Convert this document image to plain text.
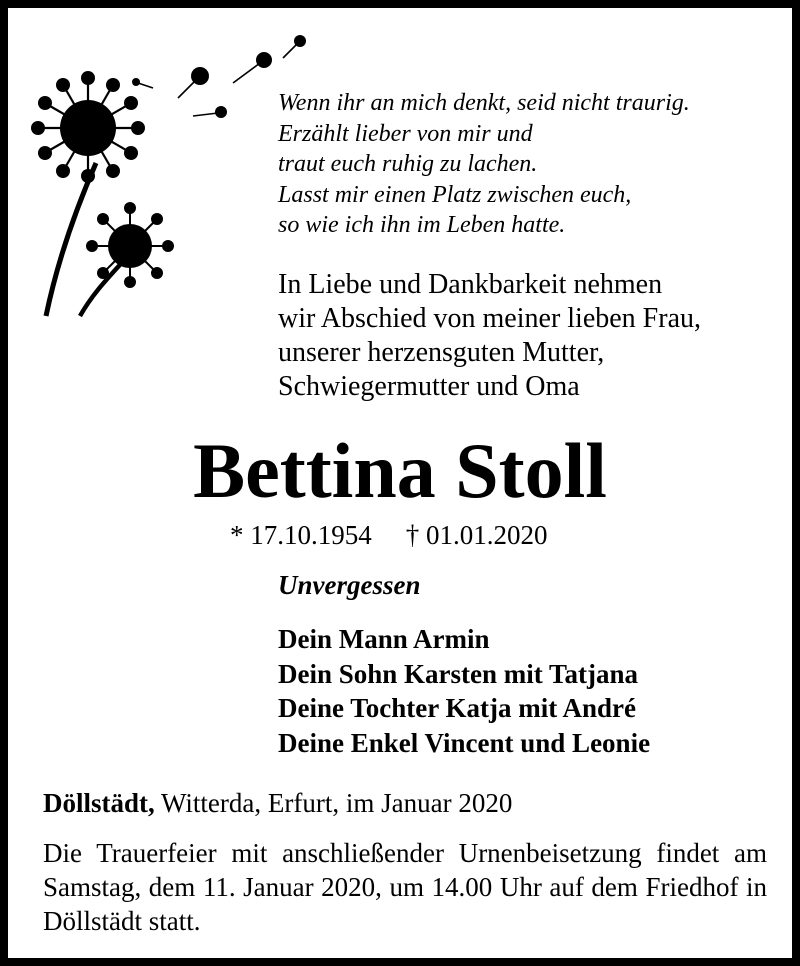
Wenn ihr an mich denkt, seid nicht traurig.
Erzählt lieber von mir und
traut euch ruhig zu lachen.
Lasst mir einen Platz zwischen euch,
so wie ich ihn im Leben hatte.
In Liebe und Dankbarkeit nehmen
wir Abschied von meiner lieben Frau,
unserer herzensguten Mutter,
Schwiegermutter und Oma
Bettina Stoll
* 17.10.1954 † 01.01.2020
Unvergessen
Dein Mann Armin
Dein Sohn Karsten mit Tatjana
Deine Tochter Katja mit André
Deine Enkel Vincent und Leonie
Döllstädt, Witterda, Erfurt, im Januar 2020
Die Trauerfeier mit anschließender Urnenbeisetzung findet am Samstag, dem 11. Januar 2020, um 14.00 Uhr auf dem Friedhof in Döllstädt statt.
